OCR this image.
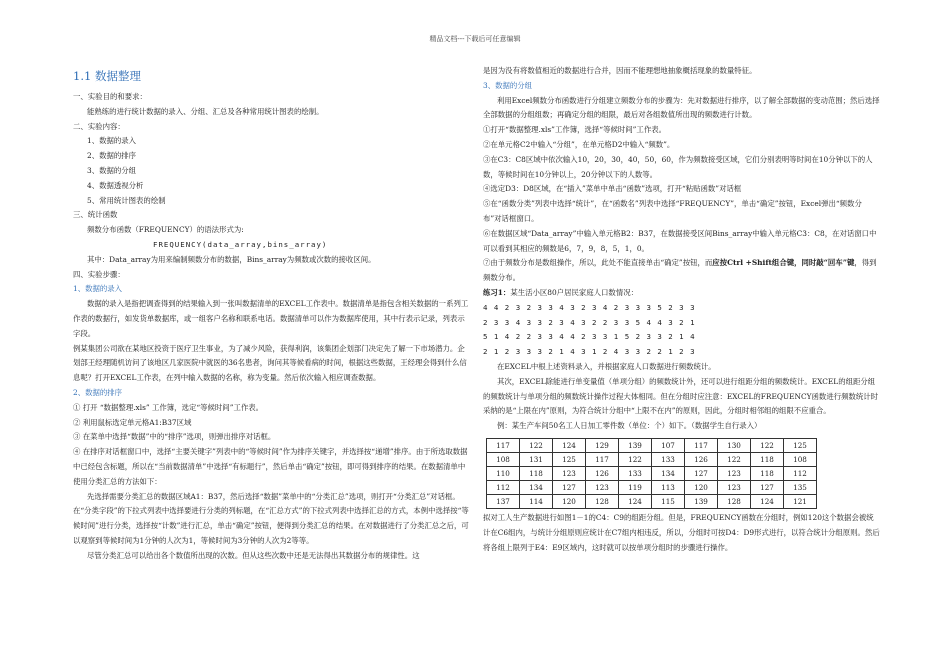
精品文档---下载后可任意编辑
1.1 数据整理

一、实验目的和要求：

能熟练的进行统计数据的录入、分组、汇总及各种常用统计图表的绘制。

二、实验内容：

1、数据的录入

2、数据的排序

3、数据的分组

4、数据透视分析

5、常用统计图表的绘制

三、统计函数

频数分布函数（FREQUENCY）的语法形式为:

FREQUENCY(data_array,bins_array)

其中：Data_array为用来编制频数分布的数据，Bins_array为频数或次数的接收区间。

四、实验步骤：

1、数据的录入

数据的录入是指把调查得到的结果输入到一张叫数据清单的EXCEL工作表中。数据清单是指包含相关数据的一系列工作表的数据行，如发货单数据库，或一组客户名称和联系电话。数据清单可以作为数据库使用，其中行表示记录，列表示字段。

例某集团公司欲在某地区投资于医疗卫生事业，为了减少风险，获得利润，该集团企划部门决定先了解一下市场潜力。企划部王经理随机访问了该地区几家医院中就医的36名患者，询问其等候看病的时间，根据这些数据，王经理会得到什么信息呢？打开EXCEL工作表，在列中输入数据的名称，称为变量。然后依次输入相应调查数据。

2、数据的排序

① 打开 “数据整理.xls” 工作簿，选定“等候时间”工作表。

② 利用鼠标选定单元格A1:B37区域

③ 在菜单中选择“数据”中的“排序”选项，则弹出排序对话框。

④ 在排序对话框窗口中，选择“主要关键字”列表中的“等候时间”作为排序关键字，并选择按“递增”排序。由于所选取数据中已经包含标题，所以在“当前数据清单”中选择“有标题行”，然后单击“确定”按钮，即可得到排序的结果。在数据清单中使用分类汇总的方法如下：

先选择需要分类汇总的数据区域A1：B37，然后选择“数据”菜单中的“分类汇总”选项，则打开“分类汇总”对话框。在“分类字段”的下拉式列表中选择要进行分类的列标题，在“汇总方式”的下拉式列表中选择汇总的方式，本例中选择按“等候时间”进行分类，选择按“计数”进行汇总，单击“确定”按钮，便得到分类汇总的结果。在对数据进行了分类汇总之后，可以观察到等候时间为1分钟的人次为1，等候时间为3分钟的人次为2等等。

尽管分类汇总可以给出各个数值所出现的次数。但从这些次数中还是无法得出其数据分布的规律性。这

是因为没有将数值相近的数据进行合并，因而不能理想地抽象概括现象的数量特征。

3、数据的分组

利用Excel频数分布函数进行分组建立频数分布的步骤为：先对数据进行排序，以了解全部数据的变动范围；然后选择全部数据的分组组数；再确定分组的组限，最后对各组数值所出现的频数进行计数。

①打开“数据整理.xls”工作簿，选择“等候时间”工作表。

②在单元格C2中输入“分组”，在单元格D2中输入“频数”。

③在C3：C8区域中依次输入10，20，30，40，50，60，作为频数接受区域，它们分别表明等时间在10分钟以下的人数，等候时间在10分钟以上，20分钟以下的人数等。

④选定D3：D8区域，在“插入”菜单中单击“函数”选项，打开“粘贴函数”对话框

⑤在“函数分类”列表中选择“统计”，在“函数名”列表中选择“FREQUENCY”，单击“确定”按钮，Excel弹出“频数分布”对话框窗口。

⑥在数据区域“Data_array”中输入单元格B2：B37，在数据接受区间Bins_array中输入单元格C3：C8，在对话窗口中可以看到其相应的频数是6，7，9，8，5，1，0。

⑦由于频数分布是数组操作，所以，此处不能直接单击“确定”按钮，而应按Ctrl +Shift组合键，同时敲“回车”键，得到频数分布。

练习1：某生活小区80户居民家庭人口数情况：

4 4 2 3 2 3 3 4 3 2 3 4 2 3 3 3 5 2 3 3

2 3 3 4 3 3 2 3 4 3 2 2 3 3 5 4 4 3 2 1

5 1 4 2 2 3 3 4 4 2 3 3 1 5 2 3 3 2 1 4

2 1 2 3 3 3 2 1 4 3 1 2 4 3 3 2 2 1 2 3

在EXCEL中根上述资料录入，并根据家庭人口数据进行频数统计。

其次，EXCEL除能进行单变量值（单项分组）的频数统计外，还可以进行组距分组的频数统计。EXCEL的组距分组的频数统计与单项分组的频数统计操作过程大体相同。但在分组时应注意：EXCEL的FREQUENCY函数进行频数统计时采纳的是“上限在内”原则，为符合统计分组中“上限不在内”的原则，因此，分组时相邻组的组限不应重合。

例：某生产车间50名工人日加工零件数（单位：个）如下。（数据学生自行录入）

117	122	124	129	139	107	117	130	122	125
108	131	125	117	122	133	126	122	118	108
110	118	123	126	133	134	127	123	118	112
112	134	127	123	119	113	120	123	127	135
137	114	120	128	124	115	139	128	124	121

拟对工人生产数据进行如图1－1的C4：C9的组距分组。但是，FREQUENCY函数在分组时，例如120这个数据会被统计在C6组内，与统计分组原则应统计在C7组内相违反，所以，分组时可按D4：D9形式进行，以符合统计分组原则。然后将各组上限列于E4：E9区域内，这时就可以按单项分组时的步骤进行操作。
